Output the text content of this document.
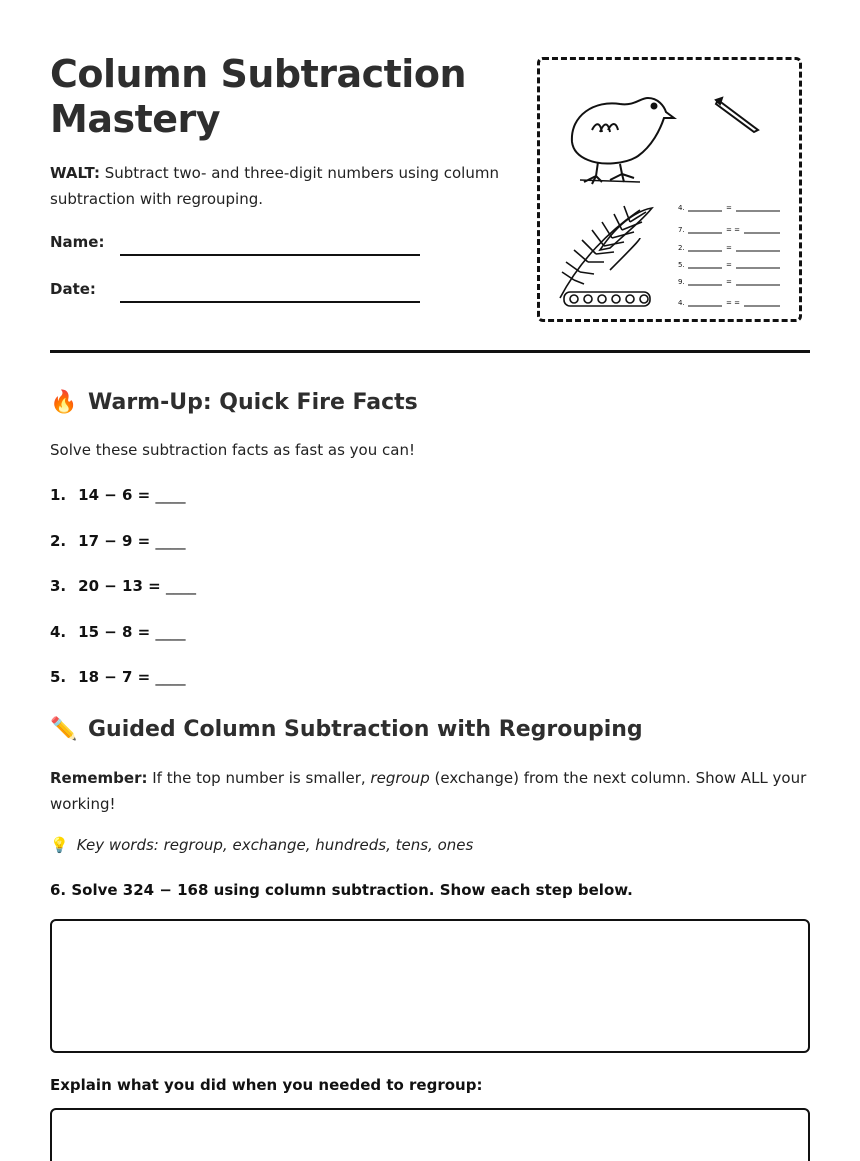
Column Subtraction Mastery
WALT: Subtract two- and three-digit numbers using column subtraction with regrouping.
Name:
Date:
4.	=
7.	= =
2.	=
5.	=
9.	=
4.	= =
🔥 Warm-Up: Quick Fire Facts
Solve these subtraction facts as fast as you can!
1. 14 − 6 = ____
2. 17 − 9 = ____
3. 20 − 13 = ____
4. 15 − 8 = ____
5. 18 − 7 = ____
✏️ Guided Column Subtraction with Regrouping
Remember: If the top number is smaller, regroup (exchange) from the next column. Show ALL your working!
💡 Key words: regroup, exchange, hundreds, tens, ones
6. Solve 324 − 168 using column subtraction. Show each step below.
Explain what you did when you needed to regroup:
